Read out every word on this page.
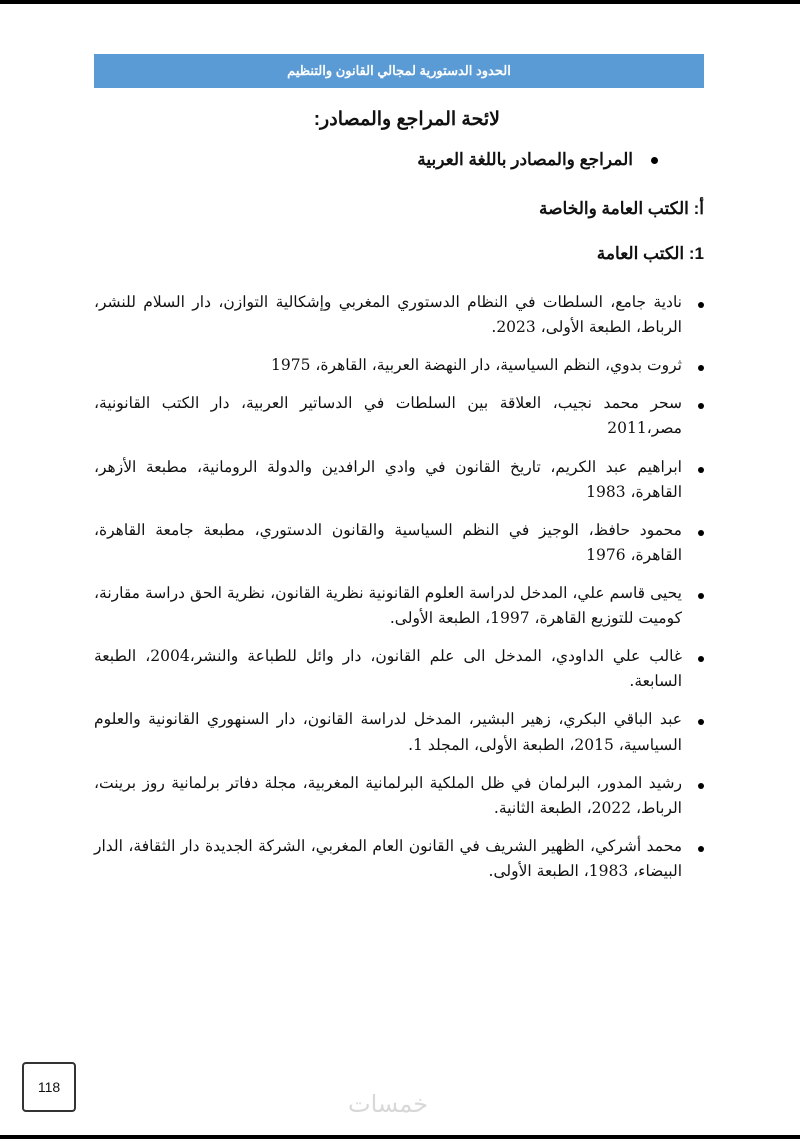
الحدود الدستورية لمجالي القانون والتنظيم
لائحة المراجع والمصادر:
المراجع والمصادر باللغة العربية
أ: الكتب العامة والخاصة
1: الكتب العامة
نادية جامع، السلطات في النظام الدستوري المغربي وإشكالية التوازن، دار السلام للنشر، الرباط، الطبعة الأولى، 2023.
ثروت بدوي، النظم السياسية، دار النهضة العربية، القاهرة، 1975
سحر محمد نجيب، العلاقة بين السلطات في الدساتير العربية، دار الكتب القانونية، مصر،2011
ابراهيم عبد الكريم، تاريخ القانون في وادي الرافدين والدولة الرومانية، مطبعة الأزهر، القاهرة، 1983
محمود حافظ، الوجيز في النظم السياسية والقانون الدستوري، مطبعة جامعة القاهرة، القاهرة، 1976
يحيى قاسم علي، المدخل لدراسة العلوم القانونية نظرية القانون، نظرية الحق دراسة مقارنة، كوميت للتوزيع القاهرة، 1997، الطبعة الأولى.
غالب علي الداودي، المدخل الى علم القانون، دار وائل للطباعة والنشر،2004، الطبعة السابعة.
عبد الباقي البكري، زهير البشير، المدخل لدراسة القانون، دار السنهوري القانونية والعلوم السياسية، 2015، الطبعة الأولى، المجلد 1.
رشيد المدور، البرلمان في ظل الملكية البرلمانية المغربية، مجلة دفاتر برلمانية روز برينت، الرباط، 2022، الطبعة الثانية.
محمد أشركي، الظهير الشريف في القانون العام المغربي، الشركة الجديدة دار الثقافة، الدار البيضاء، 1983، الطبعة الأولى.
118
خمسات
